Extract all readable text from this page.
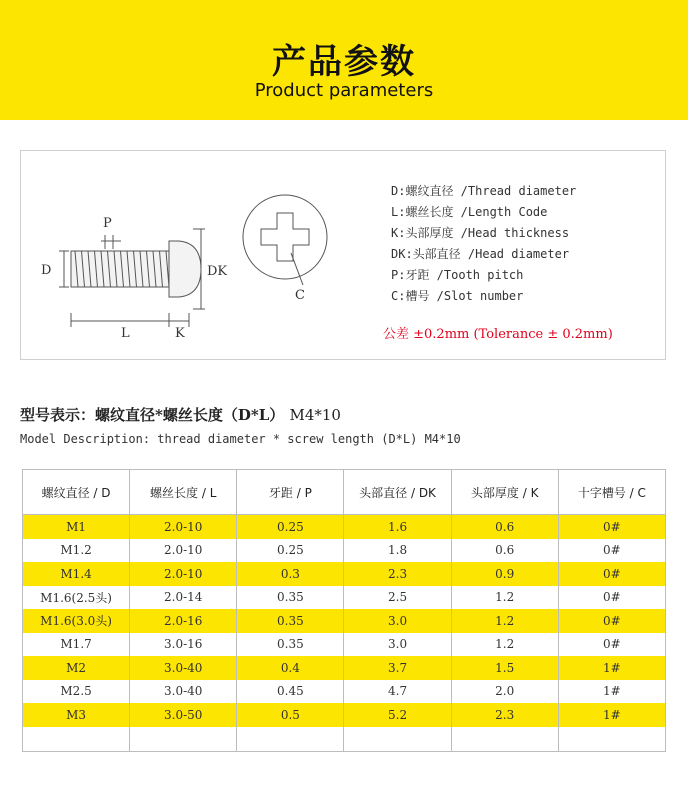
产品参数
Product parameters
D
P
DK
L	K
C
D:螺纹直径 /Thread diameter
L:螺丝长度 /Length Code
K:头部厚度 /Head thickness
DK:头部直径 /Head diameter
P:牙距 /Tooth pitch
C:槽号 /Slot number
公差 ±0.2mm (Tolerance ± 0.2mm)
型号表示：螺纹直径*螺丝长度（D*L） M4*10
Model Description: thread diameter * screw length (D*L) M4*10
螺纹直径 / D	螺丝长度 / L	牙距 / P	头部直径 / DK	头部厚度 / K	十字槽号 / C
M1	2.0-10	0.25	1.6	0.6	0#
M1.2	2.0-10	0.25	1.8	0.6	0#
M1.4	2.0-10	0.3	2.3	0.9	0#
M1.6(2.5头)	2.0-14	0.35	2.5	1.2	0#
M1.6(3.0头)	2.0-16	0.35	3.0	1.2	0#
M1.7	3.0-16	0.35	3.0	1.2	0#
M2	3.0-40	0.4	3.7	1.5	1#
M2.5	3.0-40	0.45	4.7	2.0	1#
M3	3.0-50	0.5	5.2	2.3	1#
